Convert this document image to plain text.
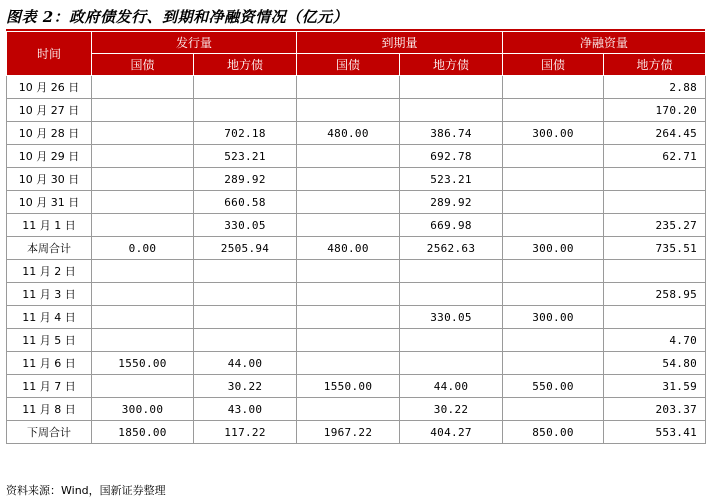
图表 2：政府债发行、到期和净融资情况（亿元）
时间	发行量		到期量		净融资量	
	国债	地方债	国债	地方债	国债	地方债
10 月 26 日						2.88
10 月 27 日						170.20
10 月 28 日		702.18	480.00	386.74	300.00	264.45
10 月 29 日		523.21		692.78		62.71
10 月 30 日		289.92		523.21		
10 月 31 日		660.58		289.92		
11 月 1 日		330.05		669.98		235.27
本周合计	0.00	2505.94	480.00	2562.63	300.00	735.51
11 月 2 日						
11 月 3 日						258.95
11 月 4 日				330.05	300.00	
11 月 5 日						4.70
11 月 6 日	1550.00	44.00				54.80
11 月 7 日		30.22	1550.00	44.00	550.00	31.59
11 月 8 日	300.00	43.00		30.22		203.37
下周合计	1850.00	117.22	1967.22	404.27	850.00	553.41
资料来源：Wind，国新证券整理
